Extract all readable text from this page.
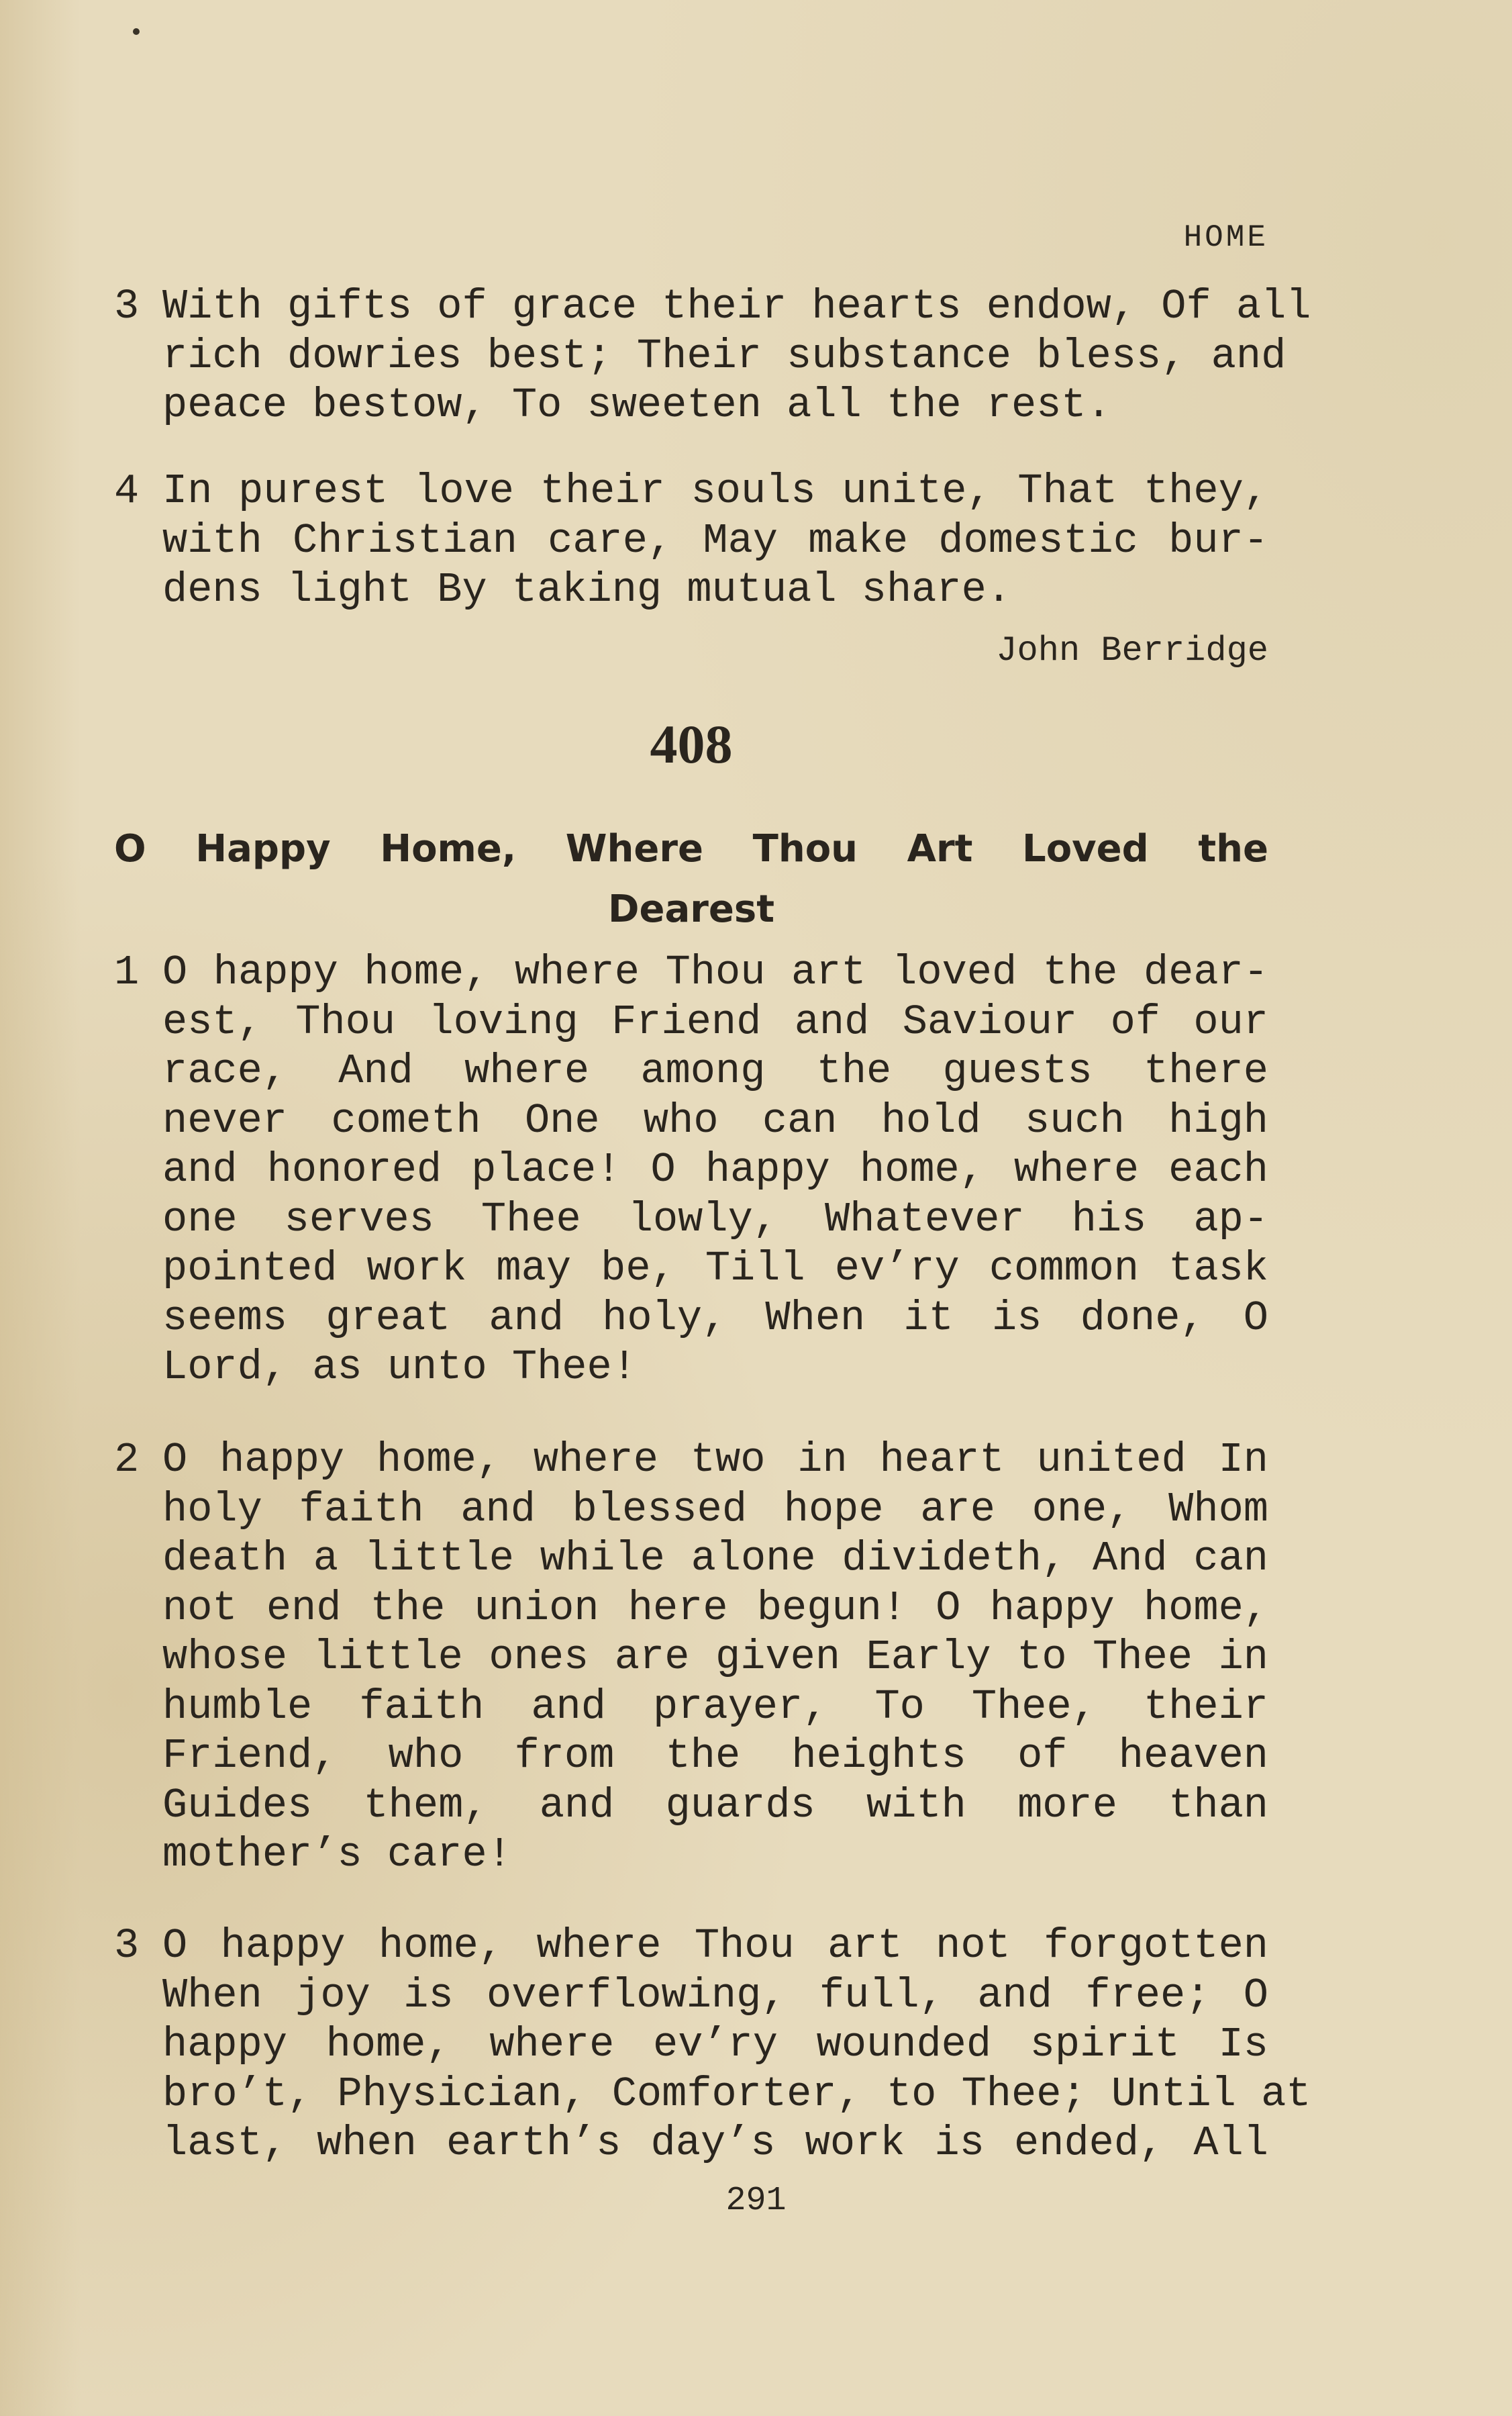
HOME
3 With gifts of grace their hearts endow, Of all
rich dowries best; Their substance bless, and
peace bestow, To sweeten all the rest.
4 In purest love their souls unite, That they,
with Christian care, May make domestic bur-
dens light By taking mutual share.
John Berridge
408
O Happy Home, Where Thou Art Loved the
Dearest
1 O happy home, where Thou art loved the dear-
est, Thou loving Friend and Saviour of our
race, And where among the guests there
never cometh One who can hold such high
and honored place! O happy home, where each
one serves Thee lowly, Whatever his ap-
pointed work may be, Till ev’ry common task
seems great and holy, When it is done, O
Lord, as unto Thee!
2 O happy home, where two in heart united In
holy faith and blessed hope are one, Whom
death a little while alone divideth, And can
not end the union here begun! O happy home,
whose little ones are given Early to Thee in
humble faith and prayer, To Thee, their
Friend, who from the heights of heaven
Guides them, and guards with more than
mother’s care!
3 O happy home, where Thou art not forgotten
When joy is overflowing, full, and free; O
happy home, where ev’ry wounded spirit Is
bro’t, Physician, Comforter, to Thee; Until at
last, when earth’s day’s work is ended, All
291
